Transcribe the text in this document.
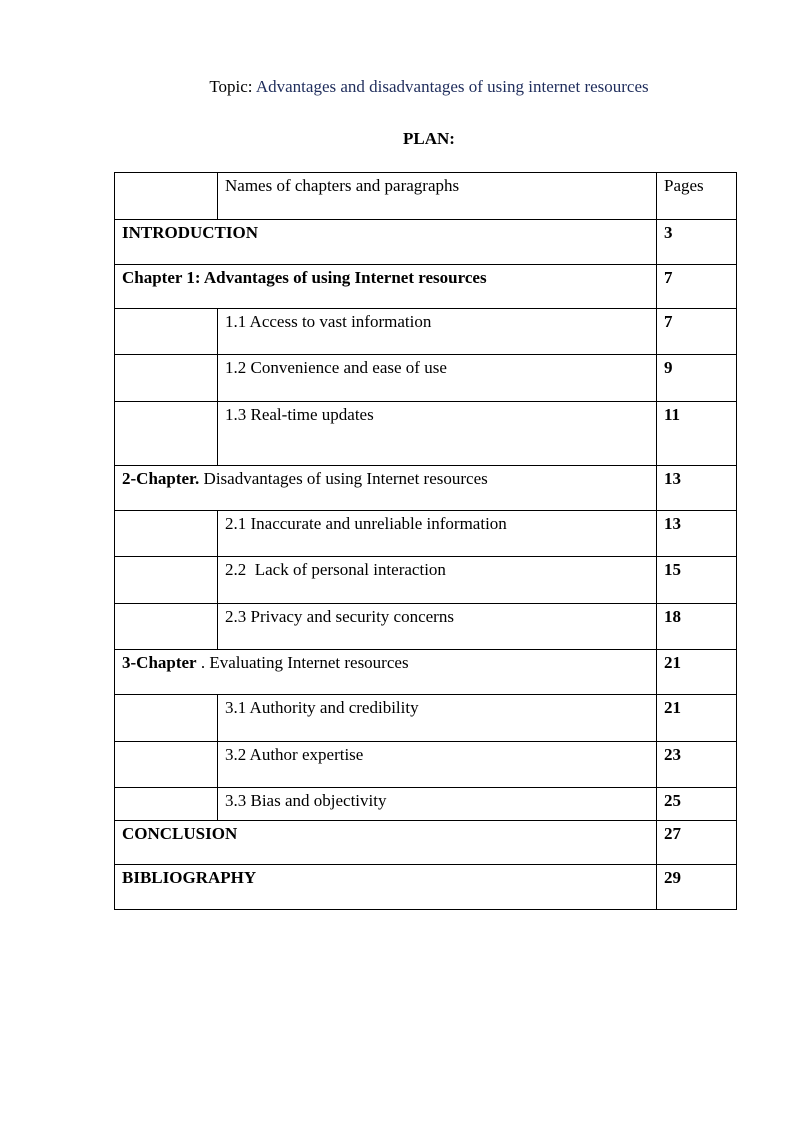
Topic: Advantages and disadvantages of using internet resources
PLAN:
	Names of chapters and paragraphs	Pages
INTRODUCTION		3
Chapter 1: Advantages of using Internet resources		7
	1.1 Access to vast information	7
	1.2 Convenience and ease of use	9
	1.3 Real-time updates	11
2-Chapter. Disadvantages of using Internet resources		13
	2.1 Inaccurate and unreliable information	13
	2.2  Lack of personal interaction	15
	2.3 Privacy and security concerns	18
3-Chapter . Evaluating Internet resources		21
	3.1 Authority and credibility	21
	3.2 Author expertise	23
	3.3 Bias and objectivity	25
CONCLUSION		27
BIBLIOGRAPHY		29
